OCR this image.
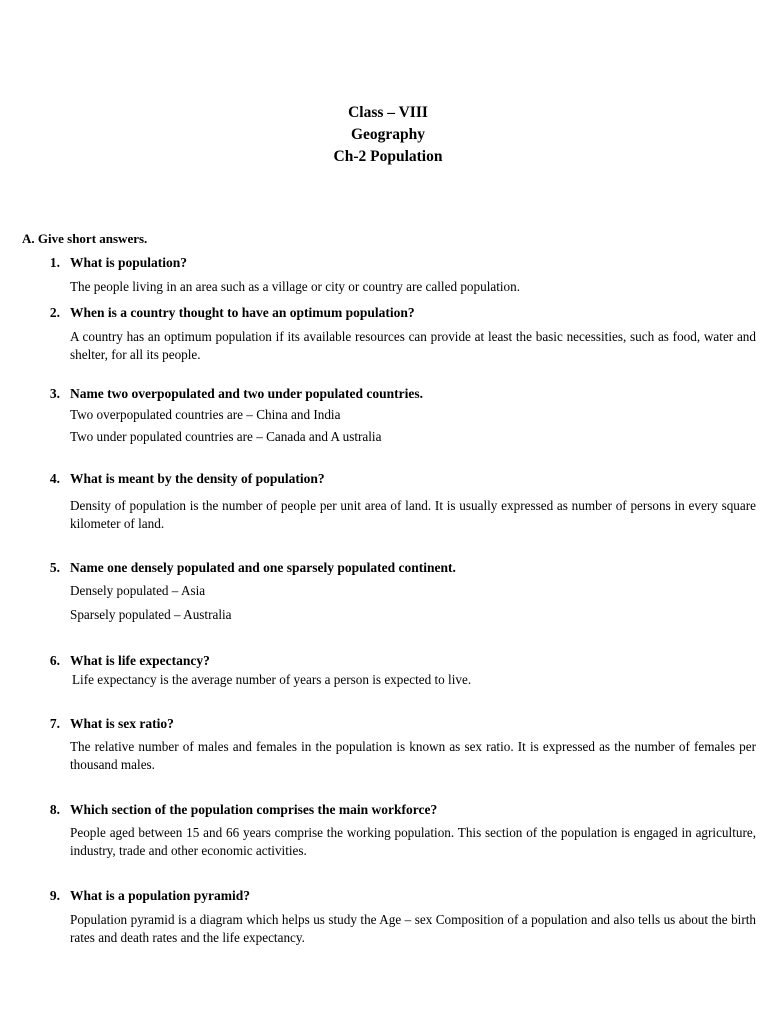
Class – VIII
Geography
Ch-2 Population
A. Give short answers.
1. What is population?

The people living in an area such as a village or city or country are called population.

2. When is a country thought to have an optimum population?

A country has an optimum population if its available resources can provide at least the basic necessities, such as food, water and shelter, for all its people.

3. Name two overpopulated and two under populated countries.

Two overpopulated countries are – China and India

Two under populated countries are – Canada and A ustralia

4. What is meant by the density of population?

Density of population is the number of people per unit area of land. It is usually expressed as number of persons in every square kilometer of land.

5. Name one densely populated and one sparsely populated continent.

Densely populated – Asia

Sparsely populated – Australia

6. What is life expectancy?

Life expectancy is the average number of years a person is expected to live.

7. What is sex ratio?

The relative number of males and females in the population is known as sex ratio. It is expressed as the number of females per thousand males.

8. Which section of the population comprises the main workforce?

People aged between 15 and 66 years comprise the working population. This section of the population is engaged in agriculture, industry, trade and other economic activities.

9. What is a population pyramid?

Population pyramid is a diagram which helps us study the Age – sex Composition of a population and also tells us about the birth rates and death rates and the life expectancy.
